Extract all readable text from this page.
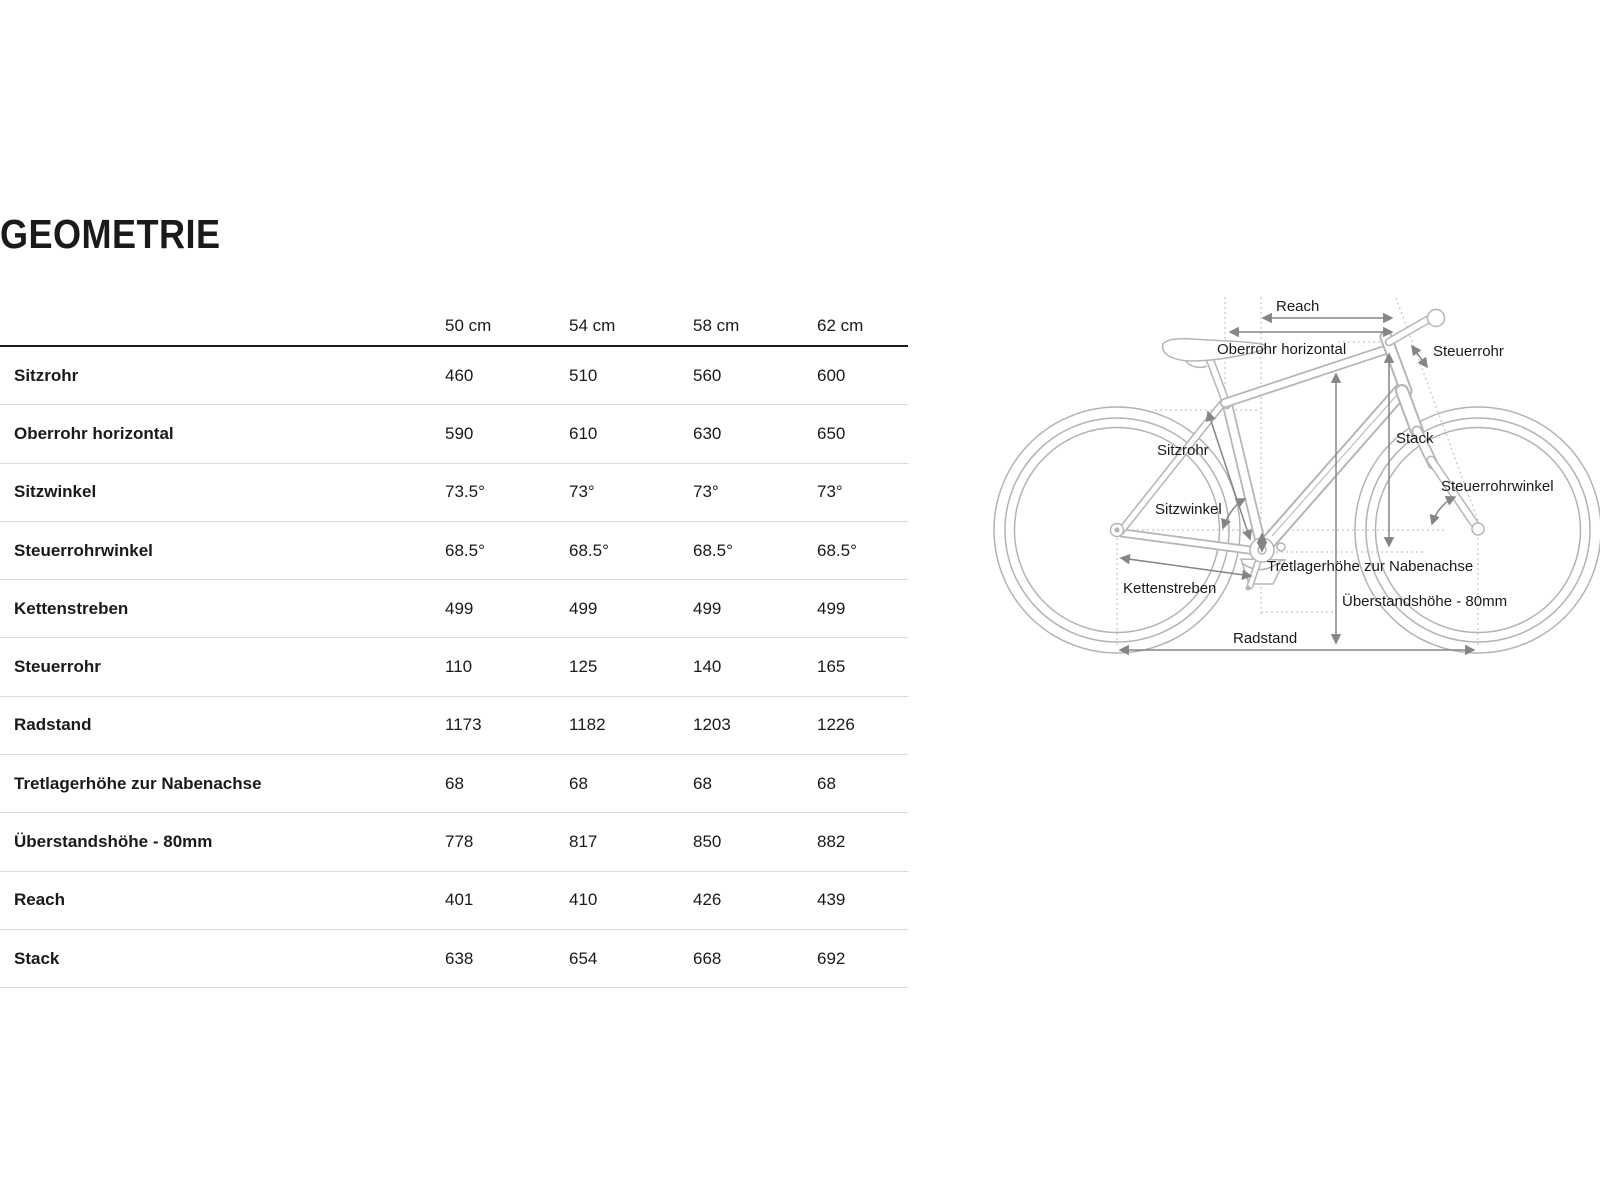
GEOMETRIE
50 cm	54 cm	58 cm	62 cm
Sitzrohr	460	510	560	600
Oberrohr horizontal	590	610	630	650
Sitzwinkel	73.5°	73°	73°	73°
Steuerrohrwinkel	68.5°	68.5°	68.5°	68.5°
Kettenstreben	499	499	499	499
Steuerrohr	110	125	140	165
Radstand	1173	1182	1203	1226
Tretlagerhöhe zur Nabenachse	68	68	68	68
Überstandshöhe - 80mm	778	817	850	882
Reach	401	410	426	439
Stack	638	654	668	692
Reach
Oberrohr horizontal	Steuerrohr
Sitzrohr
Stack
Sitzwinkel
Steuerrohrwinkel
Tretlagerhöhe zur Nabenachse
Kettenstreben
Überstandshöhe - 80mm
Radstand
